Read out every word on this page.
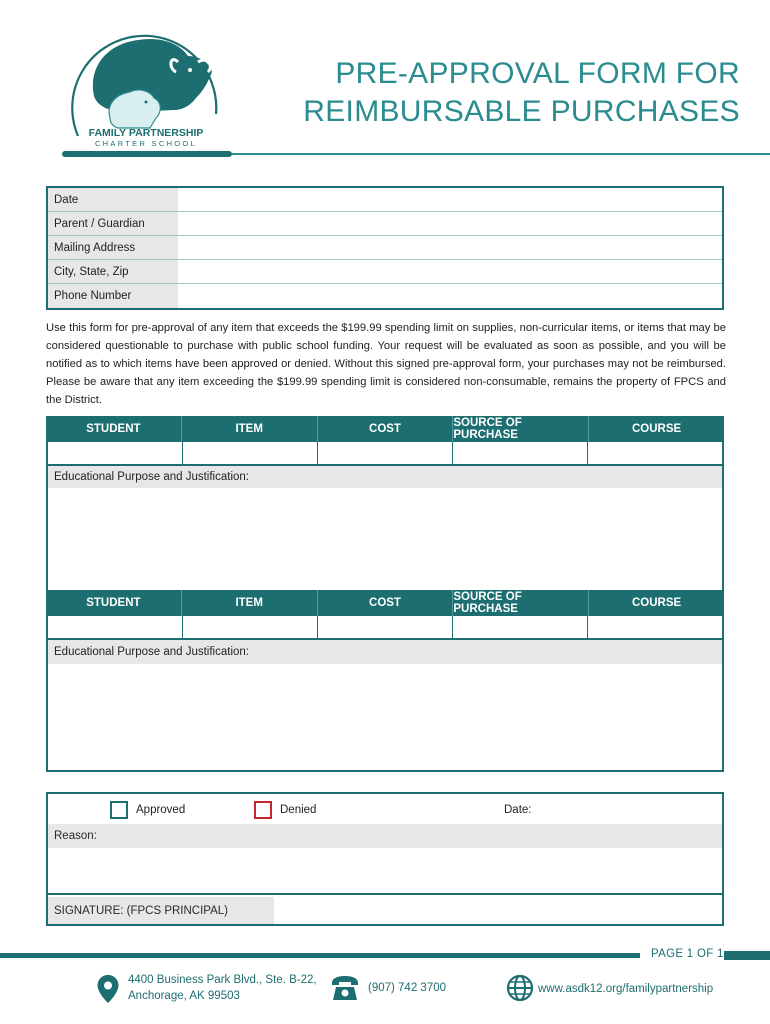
FAMILY PARTNERSHIP
CHARTER SCHOOL
PRE-APPROVAL FORM FOR
REIMBURSABLE PURCHASES
Date
Parent / Guardian
Mailing Address
City, State, Zip
Phone Number
Use this form for pre-approval of any item that exceeds the $199.99 spending limit on supplies, non-curricular items, or items that may be considered questionable to purchase with public school funding. Your request will be evaluated as soon as possible, and you will be notified as to which items have been approved or denied. Without this signed pre-approval form, your purchases may not be reimbursed. Please be aware that any item exceeding the $199.99 spending limit is considered non-consumable, remains the property of FPCS and the District.
STUDENT	ITEM	COST	SOURCE OF PURCHASE	COURSE
Educational Purpose and Justification:
STUDENT	ITEM	COST	SOURCE OF PURCHASE	COURSE
Educational Purpose and Justification:
Approved	Denied	Date:
Reason:
SIGNATURE: (FPCS PRINCIPAL)
PAGE 1 OF 1
4400 Business Park Blvd., Ste. B-22,
Anchorage, AK 99503
(907) 742 3700	www.asdk12.org/familypartnership
